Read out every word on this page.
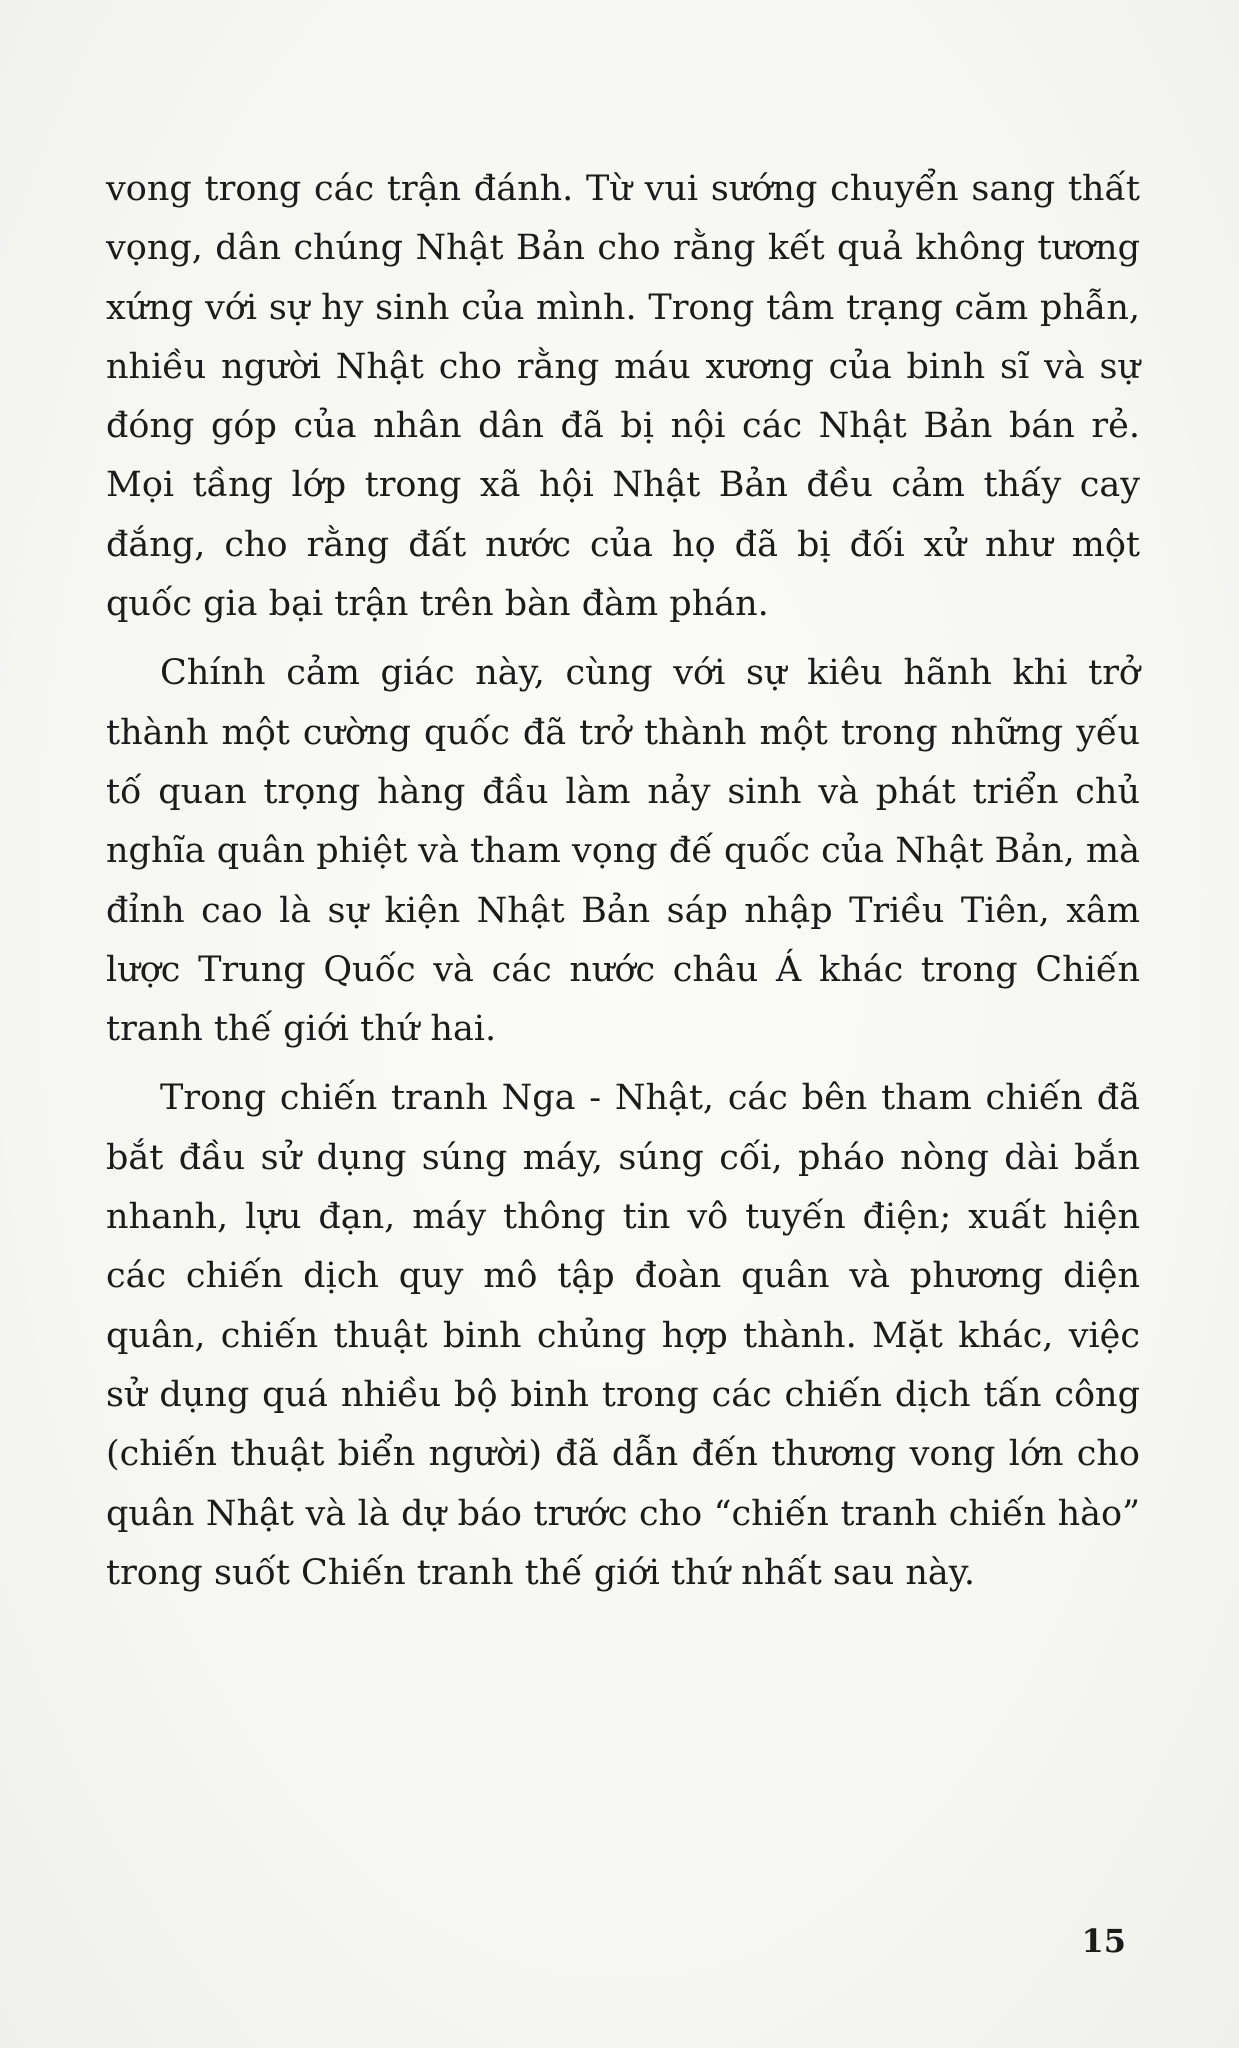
vong trong các trận đánh. Từ vui sướng chuyển sang thất vọng, dân chúng Nhật Bản cho rằng kết quả không tương xứng với sự hy sinh của mình. Trong tâm trạng căm phẫn, nhiều người Nhật cho rằng máu xương của binh sĩ và sự đóng góp của nhân dân đã bị nội các Nhật Bản bán rẻ. Mọi tầng lớp trong xã hội Nhật Bản đều cảm thấy cay đắng, cho rằng đất nước của họ đã bị đối xử như một quốc gia bại trận trên bàn đàm phán.

Chính cảm giác này, cùng với sự kiêu hãnh khi trở thành một cường quốc đã trở thành một trong những yếu tố quan trọng hàng đầu làm nảy sinh và phát triển chủ nghĩa quân phiệt và tham vọng đế quốc của Nhật Bản, mà đỉnh cao là sự kiện Nhật Bản sáp nhập Triều Tiên, xâm lược Trung Quốc và các nước châu Á khác trong Chiến tranh thế giới thứ hai.

Trong chiến tranh Nga - Nhật, các bên tham chiến đã bắt đầu sử dụng súng máy, súng cối, pháo nòng dài bắn nhanh, lựu đạn, máy thông tin vô tuyến điện; xuất hiện các chiến dịch quy mô tập đoàn quân và phương diện quân, chiến thuật binh chủng hợp thành. Mặt khác, việc sử dụng quá nhiều bộ binh trong các chiến dịch tấn công (chiến thuật biển người) đã dẫn đến thương vong lớn cho quân Nhật và là dự báo trước cho “chiến tranh chiến hào” trong suốt Chiến tranh thế giới thứ nhất sau này.

15
